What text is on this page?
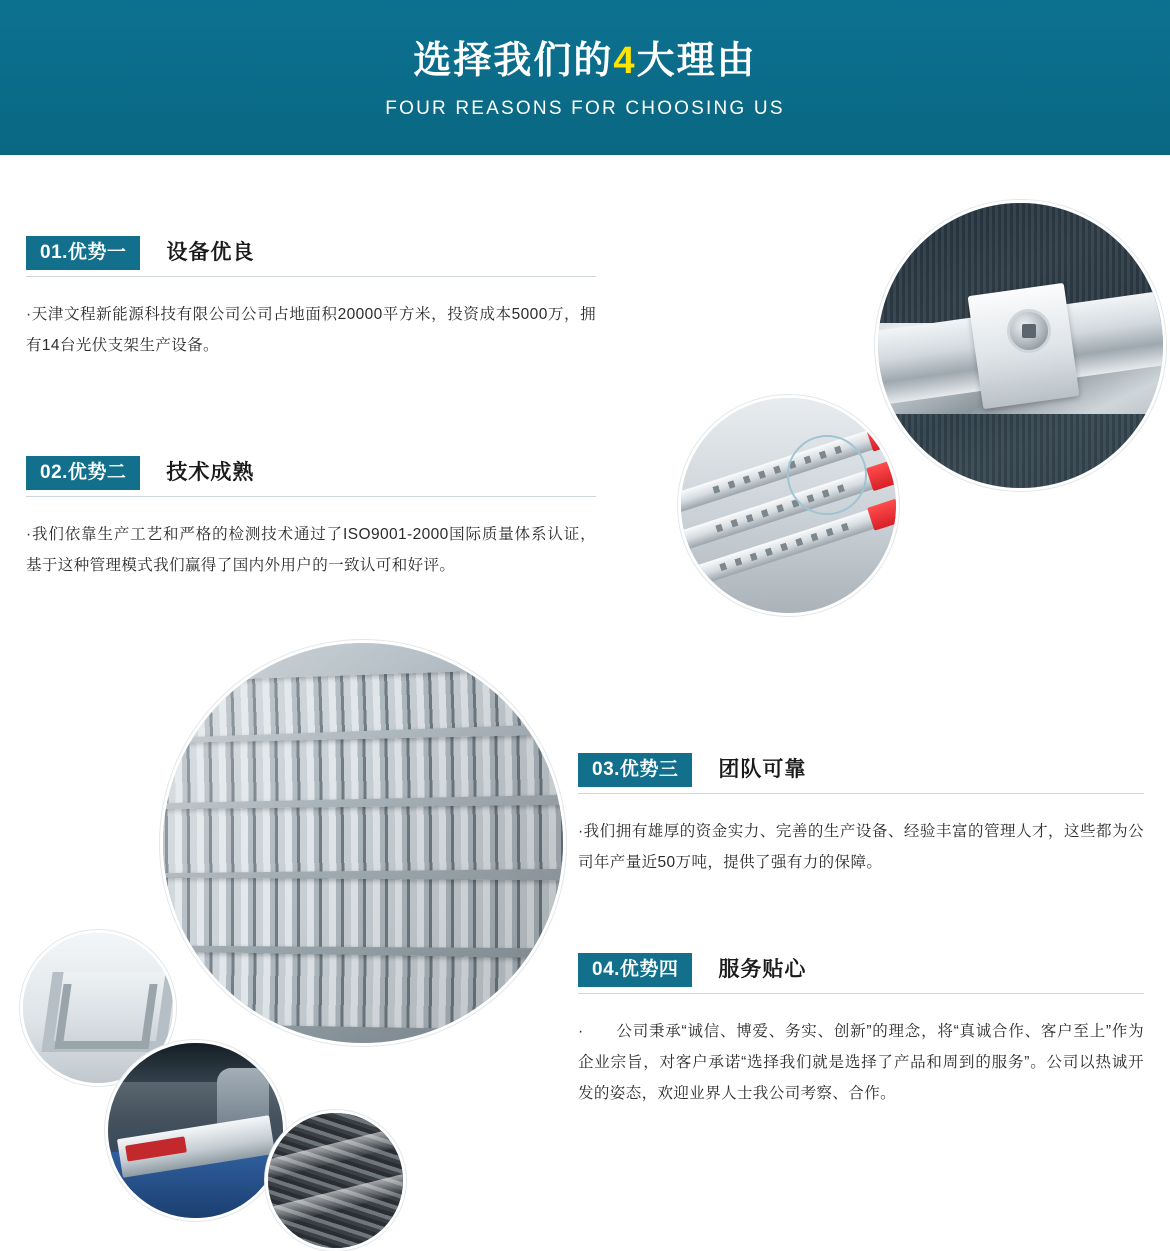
选择我们的4大理由
FOUR REASONS FOR CHOOSING US
01.优势一	设备优良
·天津文程新能源科技有限公司公司占地面积20000平方米，投资成本5000万，拥有14台光伏支架生产设备。
02.优势二	技术成熟
·我们依靠生产工艺和严格的检测技术通过了ISO9001-2000国际质量体系认证，基于这种管理模式我们赢得了国内外用户的一致认可和好评。
03.优势三	团队可靠
·我们拥有雄厚的资金实力、完善的生产设备、经验丰富的管理人才，这些都为公司年产量近50万吨，提供了强有力的保障。
04.优势四	服务贴心
·　　公司秉承“诚信、博爱、务实、创新”的理念，将“真诚合作、客户至上”作为企业宗旨，对客户承诺“选择我们就是选择了产品和周到的服务”。公司以热诚开发的姿态，欢迎业界人士我公司考察、合作。
